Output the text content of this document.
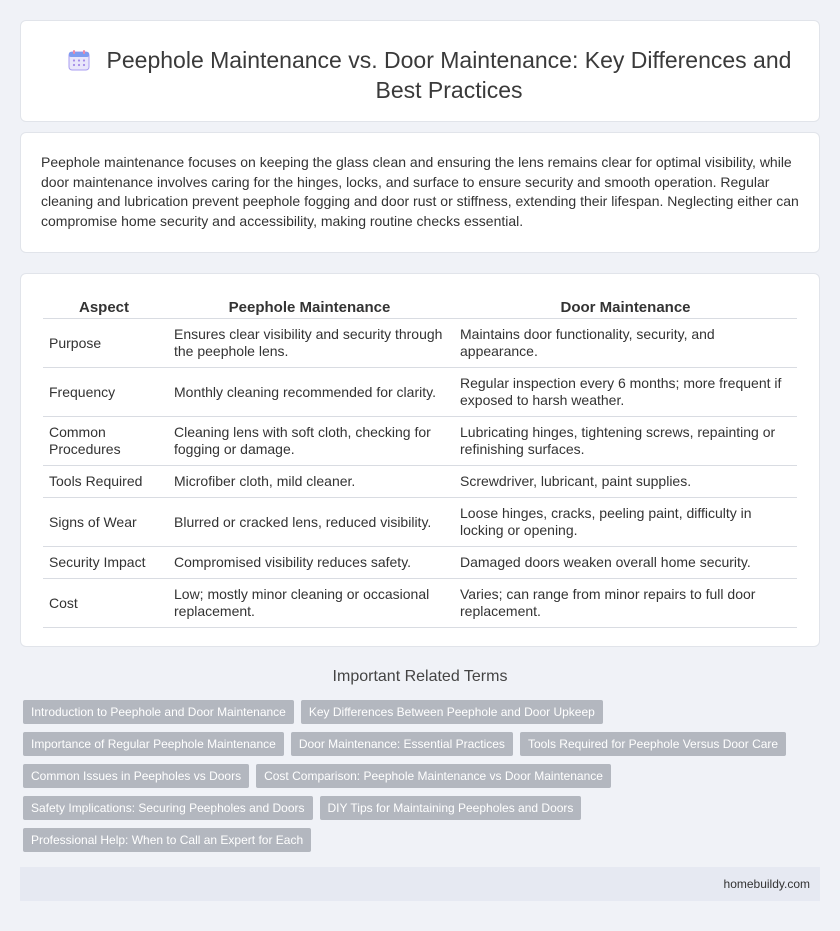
Peephole Maintenance vs. Door Maintenance: Key Differences and Best Practices

Peephole maintenance focuses on keeping the glass clean and ensuring the lens remains clear for optimal visibility, while door maintenance involves caring for the hinges, locks, and surface to ensure security and smooth operation. Regular cleaning and lubrication prevent peephole fogging and door rust or stiffness, extending their lifespan. Neglecting either can compromise home security and accessibility, making routine checks essential.

Aspect		Peephole Maintenance		Door Maintenance
Purpose		Ensures clear visibility and security through the peephole lens.		Maintains door functionality, security, and appearance.
Frequency		Monthly cleaning recommended for clarity.		Regular inspection every 6 months; more frequent if exposed to harsh weather.
Common Procedures		Cleaning lens with soft cloth, checking for fogging or damage.		Lubricating hinges, tightening screws, repainting or refinishing surfaces.
Tools Required		Microfiber cloth, mild cleaner.		Screwdriver, lubricant, paint supplies.
Signs of Wear		Blurred or cracked lens, reduced visibility.		Loose hinges, cracks, peeling paint, difficulty in locking or opening.
Security Impact		Compromised visibility reduces safety.		Damaged doors weaken overall home security.
Cost		Low; mostly minor cleaning or occasional replacement.		Varies; can range from minor repairs to full door replacement.
Important Related Terms
Introduction to Peephole and Door Maintenance	Key Differences Between Peephole and Door Upkeep
Importance of Regular Peephole Maintenance	Door Maintenance: Essential Practices	Tools Required for Peephole Versus Door Care
Common Issues in Peepholes vs Doors	Cost Comparison: Peephole Maintenance vs Door Maintenance
Safety Implications: Securing Peepholes and Doors	DIY Tips for Maintaining Peepholes and Doors
Professional Help: When to Call an Expert for Each
homebuildy.com
